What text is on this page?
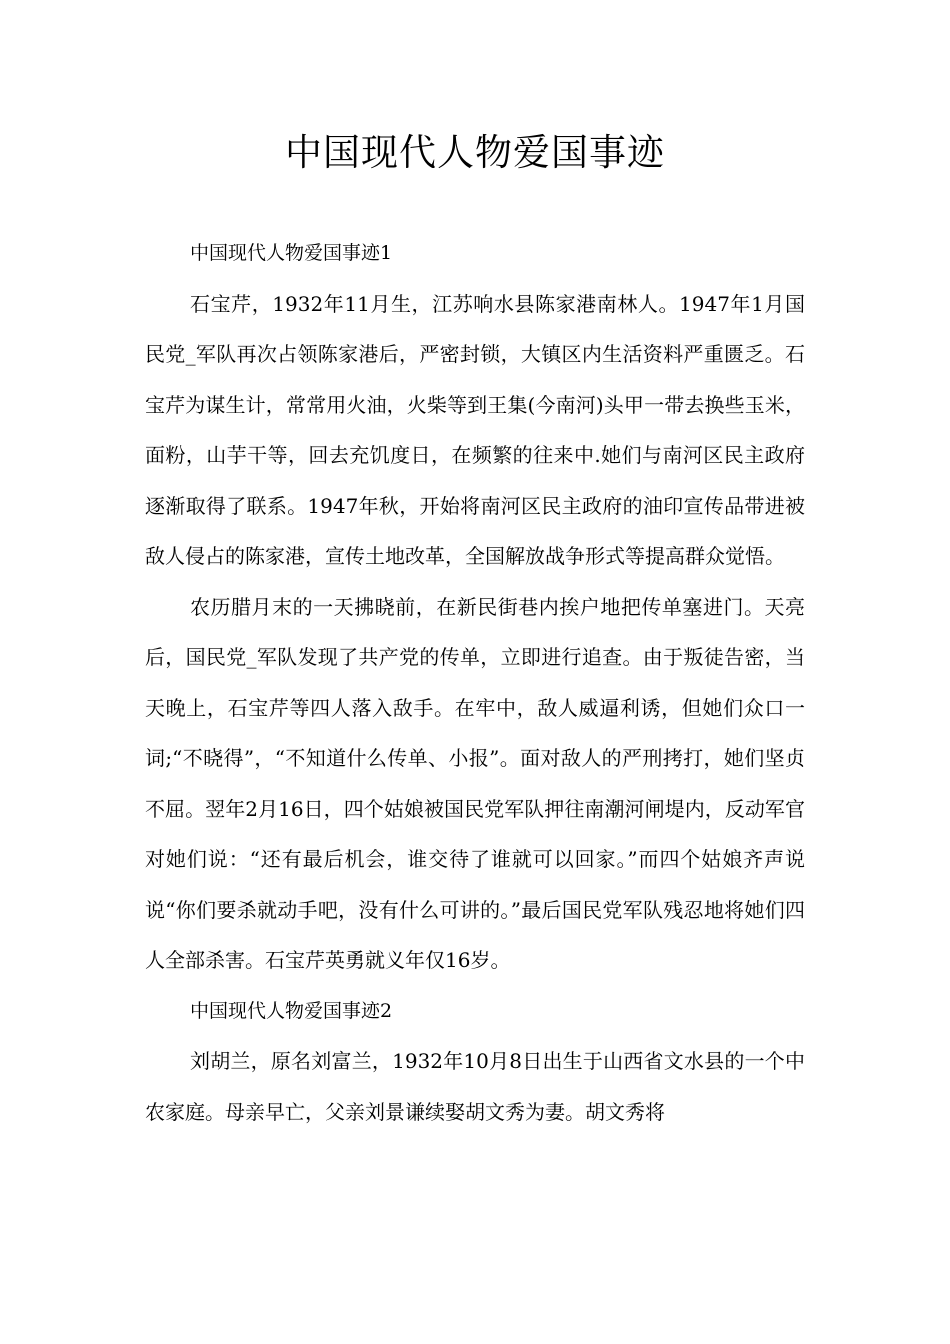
中国现代人物爱国事迹

中国现代人物爱国事迹1

石宝芹，1932年11月生，江苏响水县陈家港南林人。1947年1月国民党_军队再次占领陈家港后，严密封锁，大镇区内生活资料严重匮乏。石宝芹为谋生计，常常用火油，火柴等到王集(今南河)头甲一带去换些玉米，面粉，山芋干等，回去充饥度日，在频繁的往来中.她们与南河区民主政府逐渐取得了联系。1947年秋，开始将南河区民主政府的油印宣传品带进被敌人侵占的陈家港，宣传土地改革，全国解放战争形式等提高群众觉悟。

农历腊月末的一天拂晓前，在新民街巷内挨户地把传单塞进门。天亮后，国民党_军队发现了共产党的传单，立即进行追查。由于叛徒告密，当天晚上，石宝芹等四人落入敌手。在牢中，敌人威逼利诱，但她们众口一词;“不晓得”，“不知道什么传单、小报”。面对敌人的严刑拷打，她们坚贞不屈。翌年2月16日，四个姑娘被国民党军队押往南潮河闸堤内，反动军官对她们说：“还有最后机会，谁交待了谁就可以回家。”而四个姑娘齐声说说“你们要杀就动手吧，没有什么可讲的。”最后国民党军队残忍地将她们四人全部杀害。石宝芹英勇就义年仅16岁。

中国现代人物爱国事迹2

刘胡兰，原名刘富兰，1932年10月8日出生于山西省文水县的一个中农家庭。母亲早亡，父亲刘景谦续娶胡文秀为妻。胡文秀将
